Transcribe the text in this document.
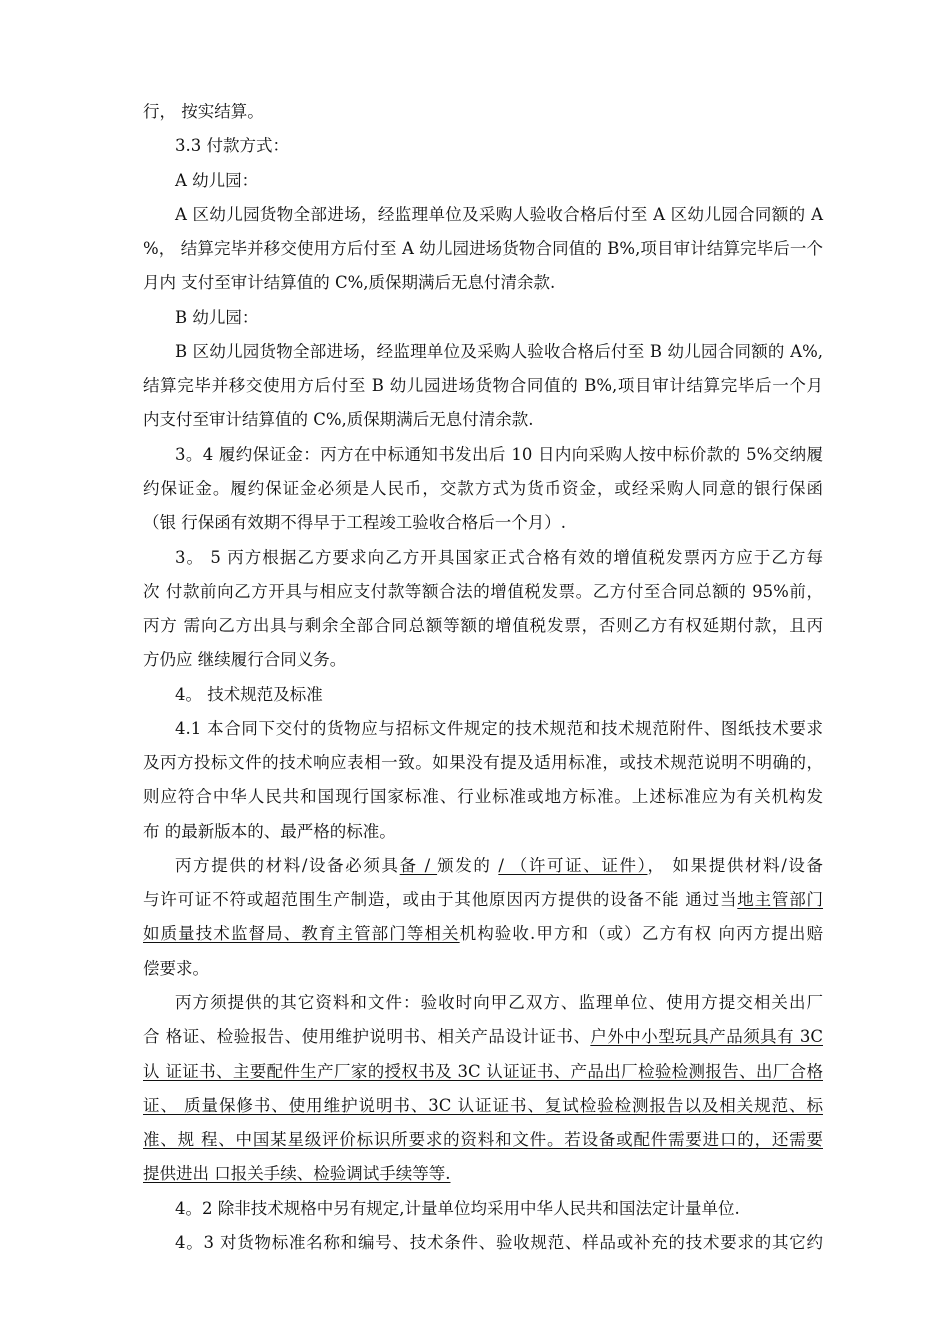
行， 按实结算。
3.3 付款方式：
A 幼儿园：
A 区幼儿园货物全部进场，经监理单位及采购人验收合格后付至 A 区幼儿园合同额的 A
%， 结算完毕并移交使用方后付至 A 幼儿园进场货物合同值的 B%,项目审计结算完毕后一个
月内 支付至审计结算值的 C%,质保期满后无息付清余款.
B 幼儿园：
B 区幼儿园货物全部进场，经监理单位及采购人验收合格后付至 B 幼儿园合同额的 A%,
结算完毕并移交使用方后付至 B 幼儿园进场货物合同值的 B%,项目审计结算完毕后一个月
内支付至审计结算值的 C%,质保期满后无息付清余款.
3。4 履约保证金：丙方在中标通知书发出后 10 日内向采购人按中标价款的 5%交纳履
约保证金。履约保证金必须是人民币，交款方式为货币资金，或经采购人同意的银行保函
（银 行保函有效期不得早于工程竣工验收合格后一个月）.
3。 5 丙方根据乙方要求向乙方开具国家正式合格有效的增值税发票丙方应于乙方每
次 付款前向乙方开具与相应支付款等额合法的增值税发票。乙方付至合同总额的 95%前，
丙方 需向乙方出具与剩余全部合同总额等额的增值税发票，否则乙方有权延期付款，且丙
方仍应 继续履行合同义务。
4。 技术规范及标准
4.1 本合同下交付的货物应与招标文件规定的技术规范和技术规范附件、图纸技术要求
及丙方投标文件的技术响应表相一致。如果没有提及适用标准，或技术规范说明不明确的，
则应符合中华人民共和国现行国家标准、行业标准或地方标准。上述标准应为有关机构发
布 的最新版本的、最严格的标准。
丙方提供的材料/设备必须具备 / 颁发的 / （许可证、证件）， 如果提供材料/设备
与许可证不符或超范围生产制造，或由于其他原因丙方提供的设备不能 通过当地主管部门
如质量技术监督局、教育主管部门等相关机构验收.甲方和（或）乙方有权 向丙方提出赔
偿要求。
丙方须提供的其它资料和文件：验收时向甲乙双方、监理单位、使用方提交相关出厂
合 格证、检验报告、使用维护说明书、相关产品设计证书、户外中小型玩具产品须具有 3C
认 证证书、主要配件生产厂家的授权书及 3C 认证证书、产品出厂检验检测报告、出厂合格
证、 质量保修书、使用维护说明书、3C 认证证书、复试检验检测报告以及相关规范、标
准、规 程、中国某星级评价标识所要求的资料和文件。若设备或配件需要进口的，还需要
提供进出 口报关手续、检验调试手续等等.
4。2 除非技术规格中另有规定,计量单位均采用中华人民共和国法定计量单位.
4。3 对货物标准名称和编号、技术条件、验收规范、样品或补充的技术要求的其它约
